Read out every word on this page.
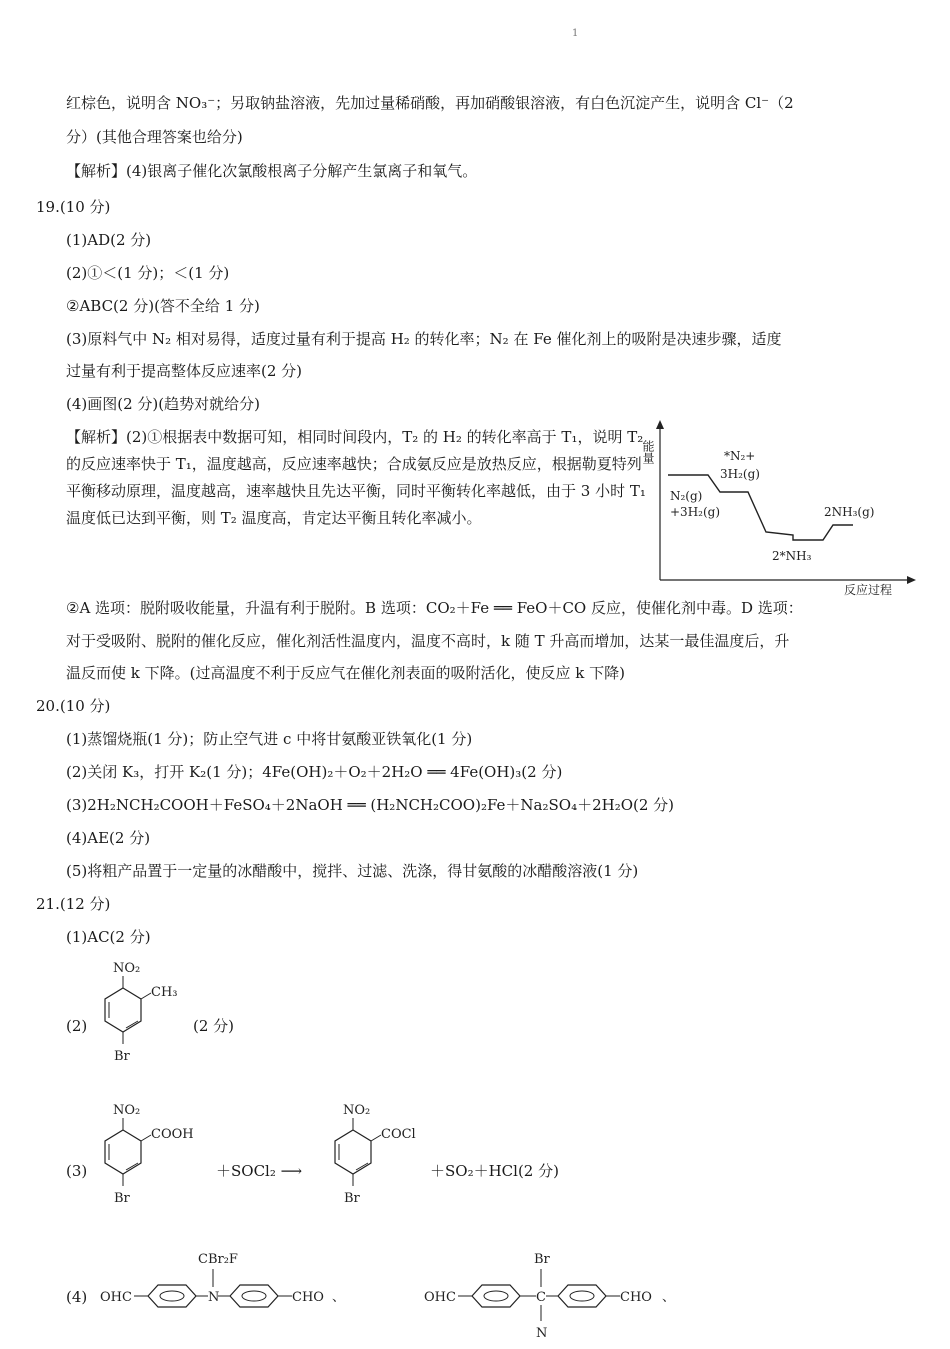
1
红棕色，说明含 NO₃⁻；另取钠盐溶液，先加过量稀硝酸，再加硝酸银溶液，有白色沉淀产生，说明含 Cl⁻（2
分）(其他合理答案也给分)
【解析】(4)银离子催化次氯酸根离子分解产生氯离子和氧气。
19.(10 分)
(1)AD(2 分)
(2)①＜(1 分)；＜(1 分)
②ABC(2 分)(答不全给 1 分)
(3)原料气中 N₂ 相对易得，适度过量有利于提高 H₂ 的转化率；N₂ 在 Fe 催化剂上的吸附是决速步骤，适度
过量有利于提高整体反应速率(2 分)
(4)画图(2 分)(趋势对就给分)
【解析】(2)①根据表中数据可知，相同时间段内，T₂ 的 H₂ 的转化率高于 T₁，说明 T₂ 的反应速率快于 T₁，温度越高，反应速率越快；合成氨反应是放热反应，根据勒夏特列平衡移动原理，温度越高，速率越快且先达平衡，同时平衡转化率越低，由于 3 小时 T₁ 温度低已达到平衡，则 T₂ 温度高，肯定达平衡且转化率减小。
能量
N₂(g)
+3H₂(g)
*N₂+
3H₂(g)
2*NH₃
2NH₃(g)
反应过程
②A 选项：脱附吸收能量，升温有利于脱附。B 选项：CO₂＋Fe ══ FeO＋CO 反应，使催化剂中毒。D 选项：
对于受吸附、脱附的催化反应，催化剂活性温度内，温度不高时，k 随 T 升高而增加，达某一最佳温度后，升
温反而使 k 下降。(过高温度不利于反应气在催化剂表面的吸附活化，使反应 k 下降)
20.(10 分)
(1)蒸馏烧瓶(1 分)；防止空气进 c 中将甘氨酸亚铁氧化(1 分)
(2)关闭 K₃，打开 K₂(1 分)；4Fe(OH)₂＋O₂＋2H₂O ══ 4Fe(OH)₃(2 分)
(3)2H₂NCH₂COOH＋FeSO₄＋2NaOH ══ (H₂NCH₂COO)₂Fe＋Na₂SO₄＋2H₂O(2 分)
(4)AE(2 分)
(5)将粗产品置于一定量的冰醋酸中，搅拌、过滤、洗涤，得甘氨酸的冰醋酸溶液(1 分)
21.(12 分)
(1)AC(2 分)
(2)
NO₂
CH₃
Br
(2 分)
(3)
NO₂
COOH
Br
＋SOCl₂ ⟶
NO₂
COCl
Br
＋SO₂＋HCl(2 分)
(4) OHC	N
CBr₂F
CHO 、	OHC	C
Br
N
CHO 、
